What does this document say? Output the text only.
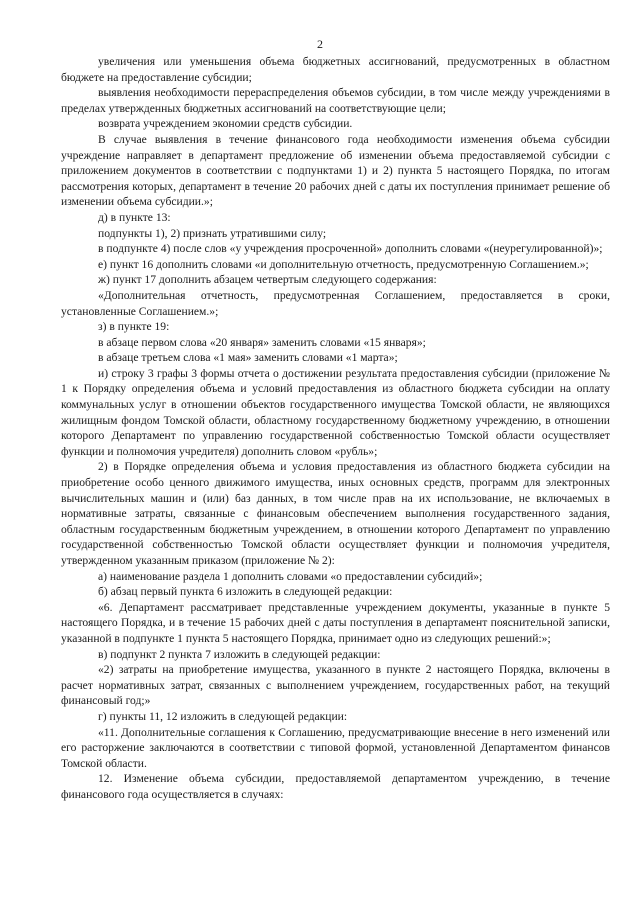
2

увеличения или уменьшения объема бюджетных ассигнований, предусмотренных в областном бюджете на предоставление субсидии;

выявления необходимости перераспределения объемов субсидии, в том числе между учреждениями в пределах утвержденных бюджетных ассигнований на соответствующие цели;

возврата учреждением экономии средств субсидии.

В случае выявления в течение финансового года необходимости изменения объема субсидии учреждение направляет в департамент предложение об изменении объема предоставляемой субсидии с приложением документов в соответствии с подпунктами 1) и 2) пункта 5 настоящего Порядка, по итогам рассмотрения которых, департамент в течение 20 рабочих дней с даты их поступления принимает решение об изменении объема субсидии.»;

д) в пункте 13:

подпункты 1), 2) признать утратившими силу;

в подпункте 4) после слов «у учреждения просроченной» дополнить словами «(неурегулированной)»;

е) пункт 16 дополнить словами «и дополнительную отчетность, предусмотренную Соглашением.»;

ж) пункт 17 дополнить абзацем четвертым следующего содержания:

«Дополнительная отчетность, предусмотренная Соглашением, предоставляется в сроки, установленные Соглашением.»;

з) в пункте 19:

в абзаце первом слова «20 января» заменить словами «15 января»;

в абзаце третьем слова «1 мая» заменить словами «1 марта»;

и) строку 3 графы 3 формы отчета о достижении результата предоставления субсидии (приложение № 1 к Порядку определения объема и условий предоставления из областного бюджета субсидии на оплату коммунальных услуг в отношении объектов государственного имущества Томской области, не являющихся жилищным фондом Томской области, областному государственному бюджетному учреждению, в отношении которого Департамент по управлению государственной собственностью Томской области осуществляет функции и полномочия учредителя) дополнить словом «рубль»;

2) в Порядке определения объема и условия предоставления из областного бюджета субсидии на приобретение особо ценного движимого имущества, иных основных средств, программ для электронных вычислительных машин и (или) баз данных, в том числе прав на их использование, не включаемых в нормативные затраты, связанные с финансовым обеспечением выполнения государственного задания, областным государственным бюджетным учреждением, в отношении которого Департамент по управлению государственной собственностью Томской области осуществляет функции и полномочия учредителя, утвержденном указанным приказом (приложение № 2):

а) наименование раздела 1 дополнить словами «о предоставлении субсидий»;

б) абзац первый пункта 6 изложить в следующей редакции:

«6. Департамент рассматривает представленные учреждением документы, указанные в пункте 5 настоящего Порядка, и в течение 15 рабочих дней с даты поступления в департамент пояснительной записки, указанной в подпункте 1 пункта 5 настоящего Порядка, принимает одно из следующих решений:»;

в) подпункт 2 пункта 7 изложить в следующей редакции:

«2) затраты на приобретение имущества, указанного в пункте 2 настоящего Порядка, включены в расчет нормативных затрат, связанных с выполнением учреждением, государственных работ, на текущий финансовый год;»

г) пункты 11, 12 изложить в следующей редакции:

«11. Дополнительные соглашения к Соглашению, предусматривающие внесение в него изменений или его расторжение заключаются в соответствии с типовой формой, установленной Департаментом финансов Томской области.

12. Изменение объема субсидии, предоставляемой департаментом учреждению, в течение финансового года осуществляется в случаях:
